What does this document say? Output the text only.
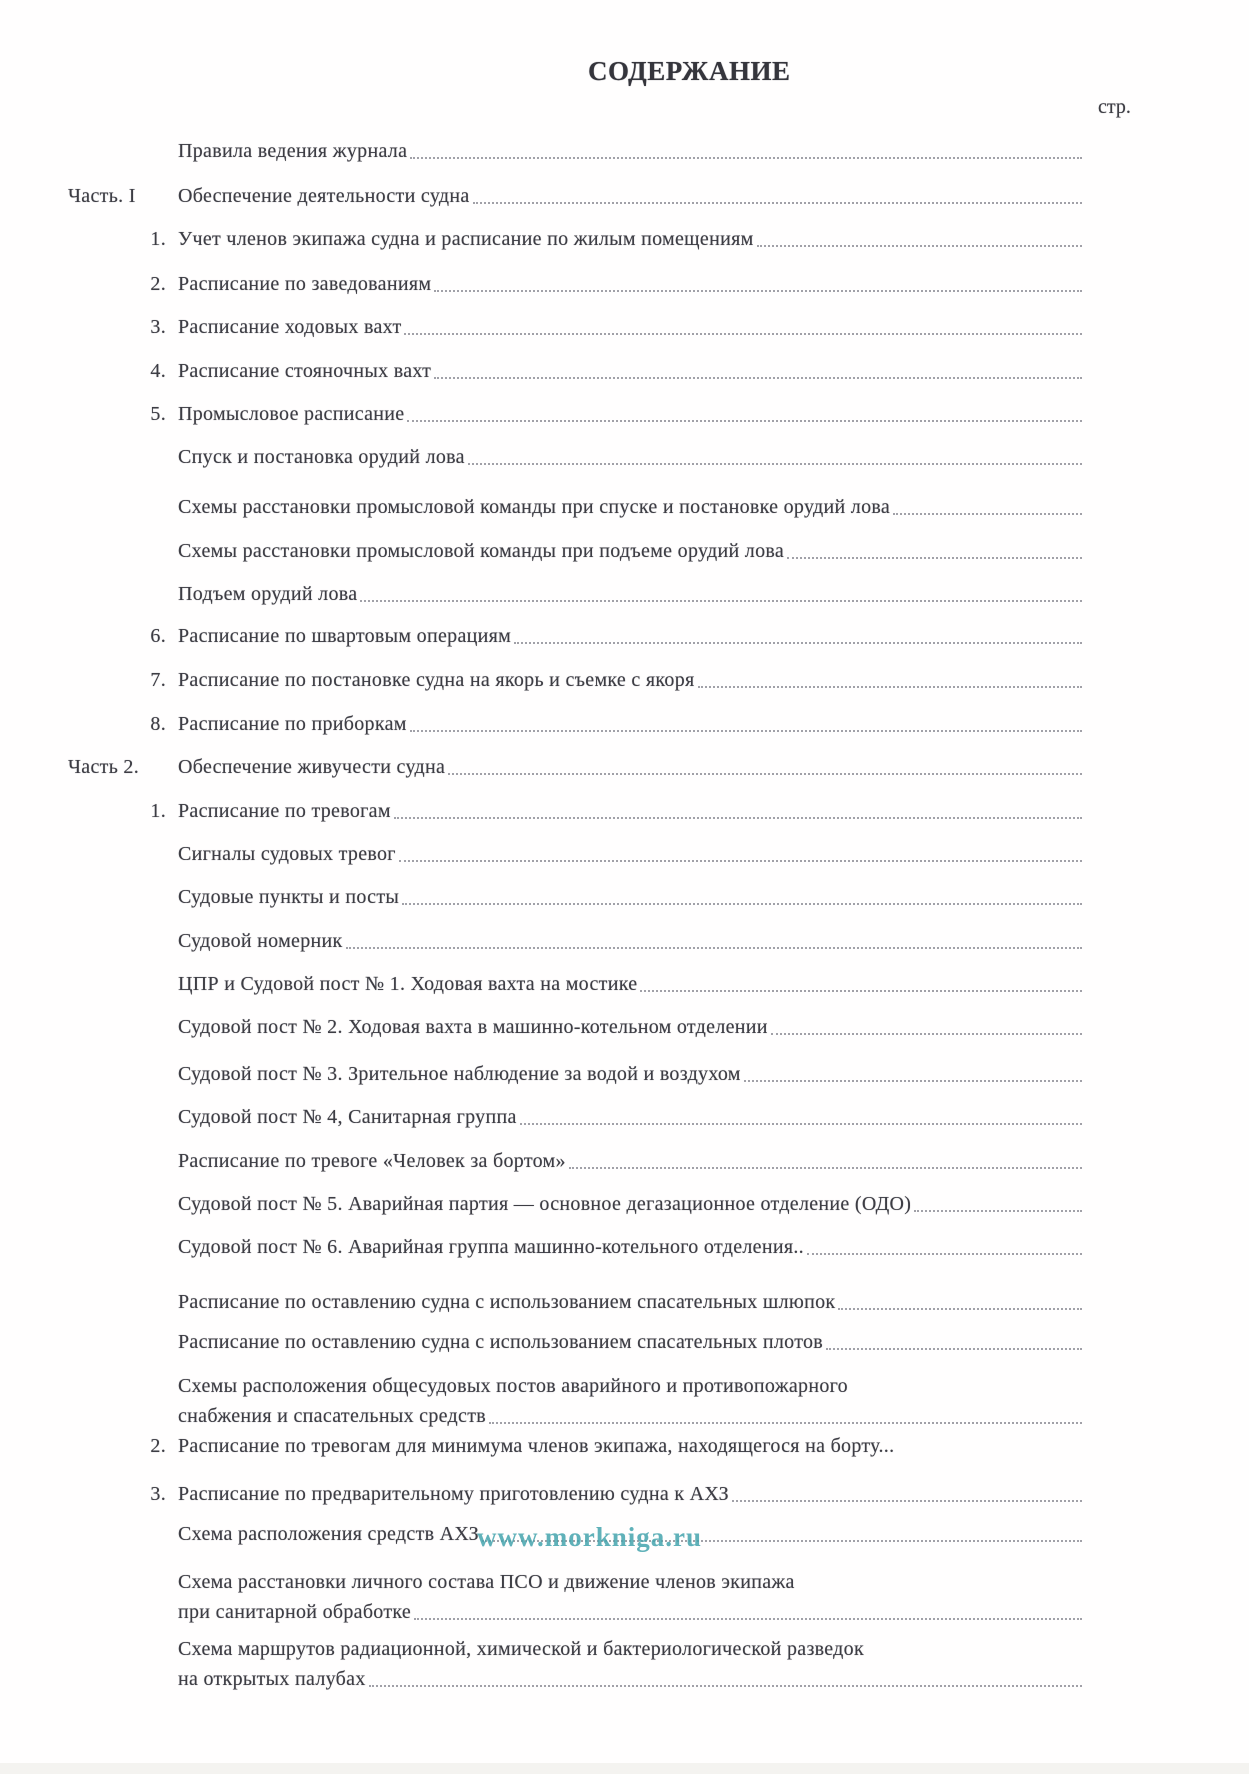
СОДЕРЖАНИЕ
стр.
Правила ведения журнала
Часть. I	Обеспечение деятельности судна
1. Учет членов экипажа судна и расписание по жилым помещениям
2. Расписание по заведованиям
3. Расписание ходовых вахт
4. Расписание стояночных вахт
5. Промысловое расписание
Спуск и постановка орудий лова
Схемы расстановки промысловой команды при спуске и постановке орудий лова
Схемы расстановки промысловой команды при подъеме орудий лова
Подъем орудий лова
6. Расписание по швартовым операциям
7. Расписание по постановке судна на якорь и съемке с якоря
8. Расписание по приборкам
Часть 2.	Обеспечение живучести судна
1. Расписание по тревогам
Сигналы судовых тревог
Судовые пункты и посты
Судовой номерник
ЦПР и Судовой пост № 1. Ходовая вахта на мостике
Судовой пост № 2. Ходовая вахта в машинно-котельном отделении
Судовой пост № 3. Зрительное наблюдение за водой и воздухом
Судовой пост № 4, Санитарная группа
Расписание по тревоге «Человек за бортом»
Судовой пост № 5. Аварийная партия — основное дегазационное отделение (ОДО)
Судовой пост № 6. Аварийная группа машинно-котельного отделения..
Расписание по оставлению судна с использованием спасательных шлюпок
Расписание по оставлению судна с использованием спасательных плотов
Схемы расположения общесудовых постов аварийного и противопожарного
снабжения и спасательных средств
2. Расписание по тревогам для минимума членов экипажа, находящегося на борту...
3. Расписание по предварительному приготовлению судна к АХЗ
Схема расположения средств АХЗ
Схема расстановки личного состава ПСО и движение членов экипажа
при санитарной обработке
Схема маршрутов радиационной, химической и бактериологической разведок
на открытых палубах
www.morkniga.ru
